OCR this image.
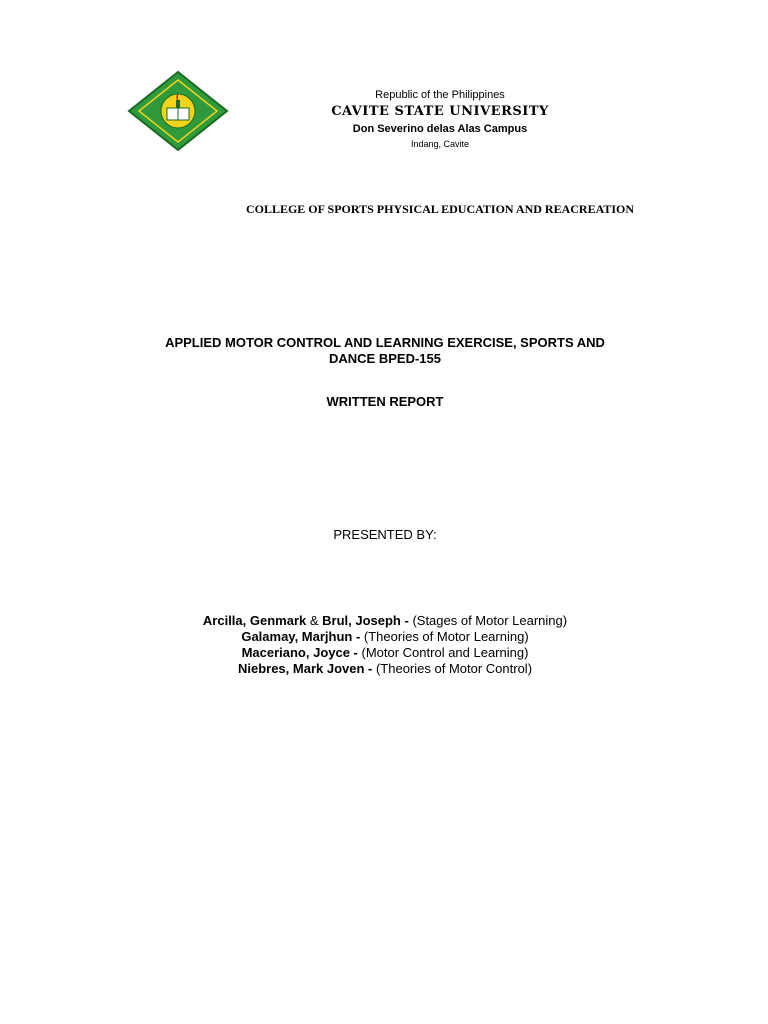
Republic of the Philippines
CAVITE STATE UNIVERSITY
Don Severino delas Alas Campus
Indang, Cavite
COLLEGE OF SPORTS PHYSICAL EDUCATION AND REACREATION
APPLIED MOTOR CONTROL AND LEARNING EXERCISE, SPORTS AND
DANCE BPED-155
WRITTEN REPORT
PRESENTED BY:
Arcilla, Genmark & Brul, Joseph - (Stages of Motor Learning)
Galamay, Marjhun - (Theories of Motor Learning)
Maceriano, Joyce - (Motor Control and Learning)
Niebres, Mark Joven - (Theories of Motor Control)
